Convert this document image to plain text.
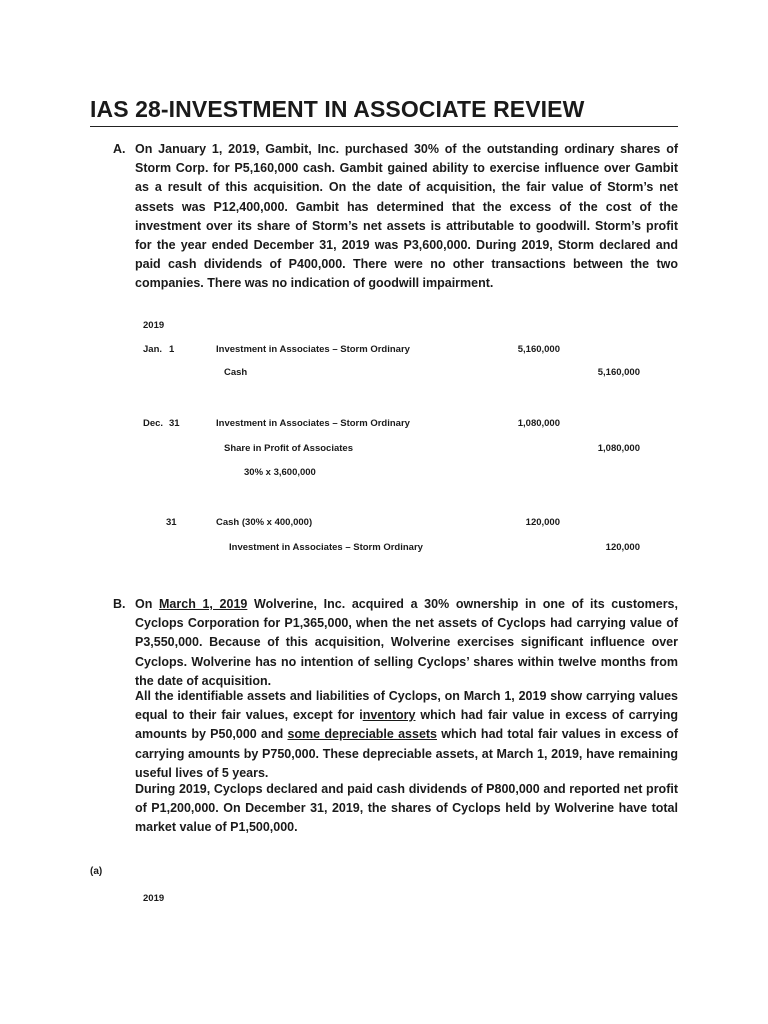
IAS 28-INVESTMENT IN ASSOCIATE REVIEW
A. On January 1, 2019, Gambit, Inc. purchased 30% of the outstanding ordinary shares of Storm Corp. for P5,160,000 cash. Gambit gained ability to exercise influence over Gambit as a result of this acquisition. On the date of acquisition, the fair value of Storm’s net assets was P12,400,000. Gambit has determined that the excess of the cost of the investment over its share of Storm’s net assets is attributable to goodwill. Storm’s profit for the year ended December 31, 2019 was P3,600,000. During 2019, Storm declared and paid cash dividends of P400,000. There were no other transactions between the two companies. There was no indication of goodwill impairment.
2019
Jan. 1	Investment in Associates – Storm Ordinary	5,160,000
Cash	5,160,000
Dec. 31	Investment in Associates – Storm Ordinary	1,080,000
Share in Profit of Associates	1,080,000
30% x 3,600,000
31	Cash (30% x 400,000)	120,000
Investment in Associates – Storm Ordinary	120,000
B. On March 1, 2019 Wolverine, Inc. acquired a 30% ownership in one of its customers, Cyclops Corporation for P1,365,000, when the net assets of Cyclops had carrying value of P3,550,000. Because of this acquisition, Wolverine exercises significant influence over Cyclops. Wolverine has no intention of selling Cyclops’ shares within twelve months from the date of acquisition.
All the identifiable assets and liabilities of Cyclops, on March 1, 2019 show carrying values equal to their fair values, except for inventory which had fair value in excess of carrying amounts by P50,000 and some depreciable assets which had total fair values in excess of carrying amounts by P750,000. These depreciable assets, at March 1, 2019, have remaining useful lives of 5 years.
During 2019, Cyclops declared and paid cash dividends of P800,000 and reported net profit of P1,200,000. On December 31, 2019, the shares of Cyclops held by Wolverine have total market value of P1,500,000.
(a)
2019
